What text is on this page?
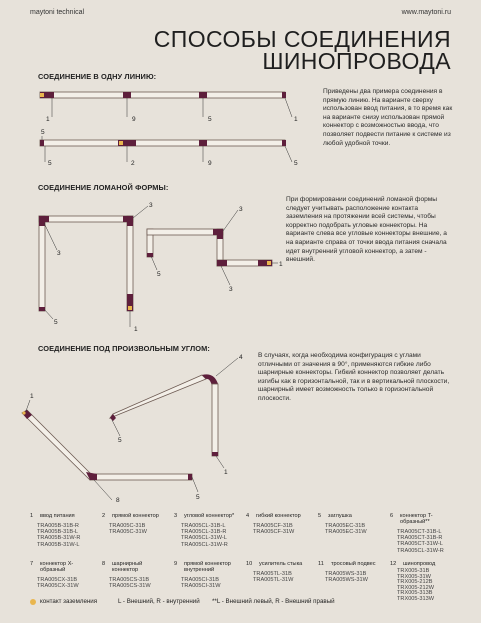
maytoni technical	www.maytoni.ru
СПОСОБЫ СОЕДИНЕНИЯ
ШИНОПРОВОДА
СОЕДИНЕНИЕ В ОДНУ ЛИНИЮ:
Приведены два примера соединения в прямую линию. На варианте сверху использован ввод питания, в то время как на варианте снизу использован прямой коннектор с возможностью ввода, что позволяет подвести питание к системе из любой удобной точки.
1	9	5	1
5
5	2	9	5
3
3
5
1
3
5
3
1
1
8	5
4
5
1
СОЕДИНЕНИЕ ЛОМАНОЙ ФОРМЫ:
При формировании соединений ломаной формы следует учитывать расположение контакта заземления на протяжении всей системы, чтобы корректно подобрать угловые коннекторы. На варианте слева все угловые коннекторы внешние, а на варианте справа от точки ввода питания сначала идет внутренний угловой коннектор, а затем - внешний.
СОЕДИНЕНИЕ ПОД ПРОИЗВОЛЬНЫМ УГЛОМ:
В случаях, когда необходима конфигурация с углами отличными от значения в 90°, применяются гибкие либо шарнирные коннекторы. Гибкий коннектор позволяет делать изгибы как в горизонтальной, так и в вертикальной плоскости, шарнирный имеет возможность только в горизонтальной плоскости.
1 ввод питания
TRA005B-31B-R
TRA005B-31B-L
TRA005B-31W-R
TRA005B-31W-L
2 прямой коннектор
TRA005C-31B
TRA005C-31W
3 угловой коннектор*
TRA005CL-31B-L
TRA005CL-31B-R
TRA005CL-31W-L
TRA005CL-31W-R
4 гибкий коннектор
TRA005CF-31B
TRA005CF-31W
5 заглушка
TRA005EC-31B
TRA005EC-31W
6 коннектор T-образный**
TRA005CT-31B-L
TRA005CT-31B-R
TRA005CT-31W-L
TRA005CL-31W-R
7 коннектор X-образный
TRA005CX-31B
TRA005CX-31W
8 шарнирный коннектор
TRA005CS-31B
TRA005CS-31W
9 прямой коннектор внутренний
TRA005CI-31B
TRA005CI-31W
10 усилитель стыка
TRA005TL-31B
TRA005TL-31W
11 тросовый подвес
TRA005WS-31B
TRA005WS-31W
12 шинопровод
TRX005-31B
TRX005-31W
TRX005-212B
TRX005-212W
TRX005-313B
TRX005-313W
контакт заземления	L - Внешний, R - внутренний **L - Внешний левый, R - Внешний правый
